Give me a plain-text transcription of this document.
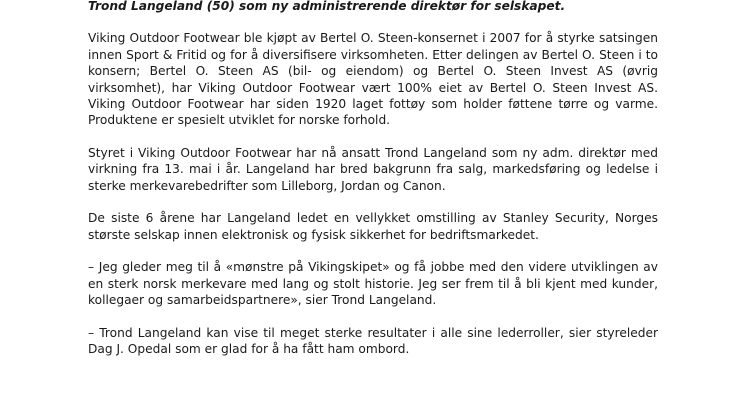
Trond Langeland (50) som ny administrerende direktør for selskapet.

Viking Outdoor Footwear ble kjøpt av Bertel O. Steen-konsernet i 2007 for å styrke satsingen innen Sport & Fritid og for å diversifisere virksomheten. Etter delingen av Bertel O. Steen i to konsern; Bertel O. Steen AS (bil- og eiendom) og Bertel O. Steen Invest AS (øvrig virksomhet), har Viking Outdoor Footwear vært 100% eiet av Bertel O. Steen Invest AS. Viking Outdoor Footwear har siden 1920 laget fottøy som holder føttene tørre og varme. Produktene er spesielt utviklet for norske forhold.

Styret i Viking Outdoor Footwear har nå ansatt Trond Langeland som ny adm. direktør med virkning fra 13. mai i år. Langeland har bred bakgrunn fra salg, markedsføring og ledelse i sterke merkevarebedrifter som Lilleborg, Jordan og Canon.

De siste 6 årene har Langeland ledet en vellykket omstilling av Stanley Security, Norges største selskap innen elektronisk og fysisk sikkerhet for bedriftsmarkedet.

– Jeg gleder meg til å «mønstre på Vikingskipet» og få jobbe med den videre utviklingen av en sterk norsk merkevare med lang og stolt historie. Jeg ser frem til å bli kjent med kunder, kollegaer og samarbeidspartnere», sier Trond Langeland.

– Trond Langeland kan vise til meget sterke resultater i alle sine lederroller, sier styreleder Dag J. Opedal som er glad for å ha fått ham ombord.
